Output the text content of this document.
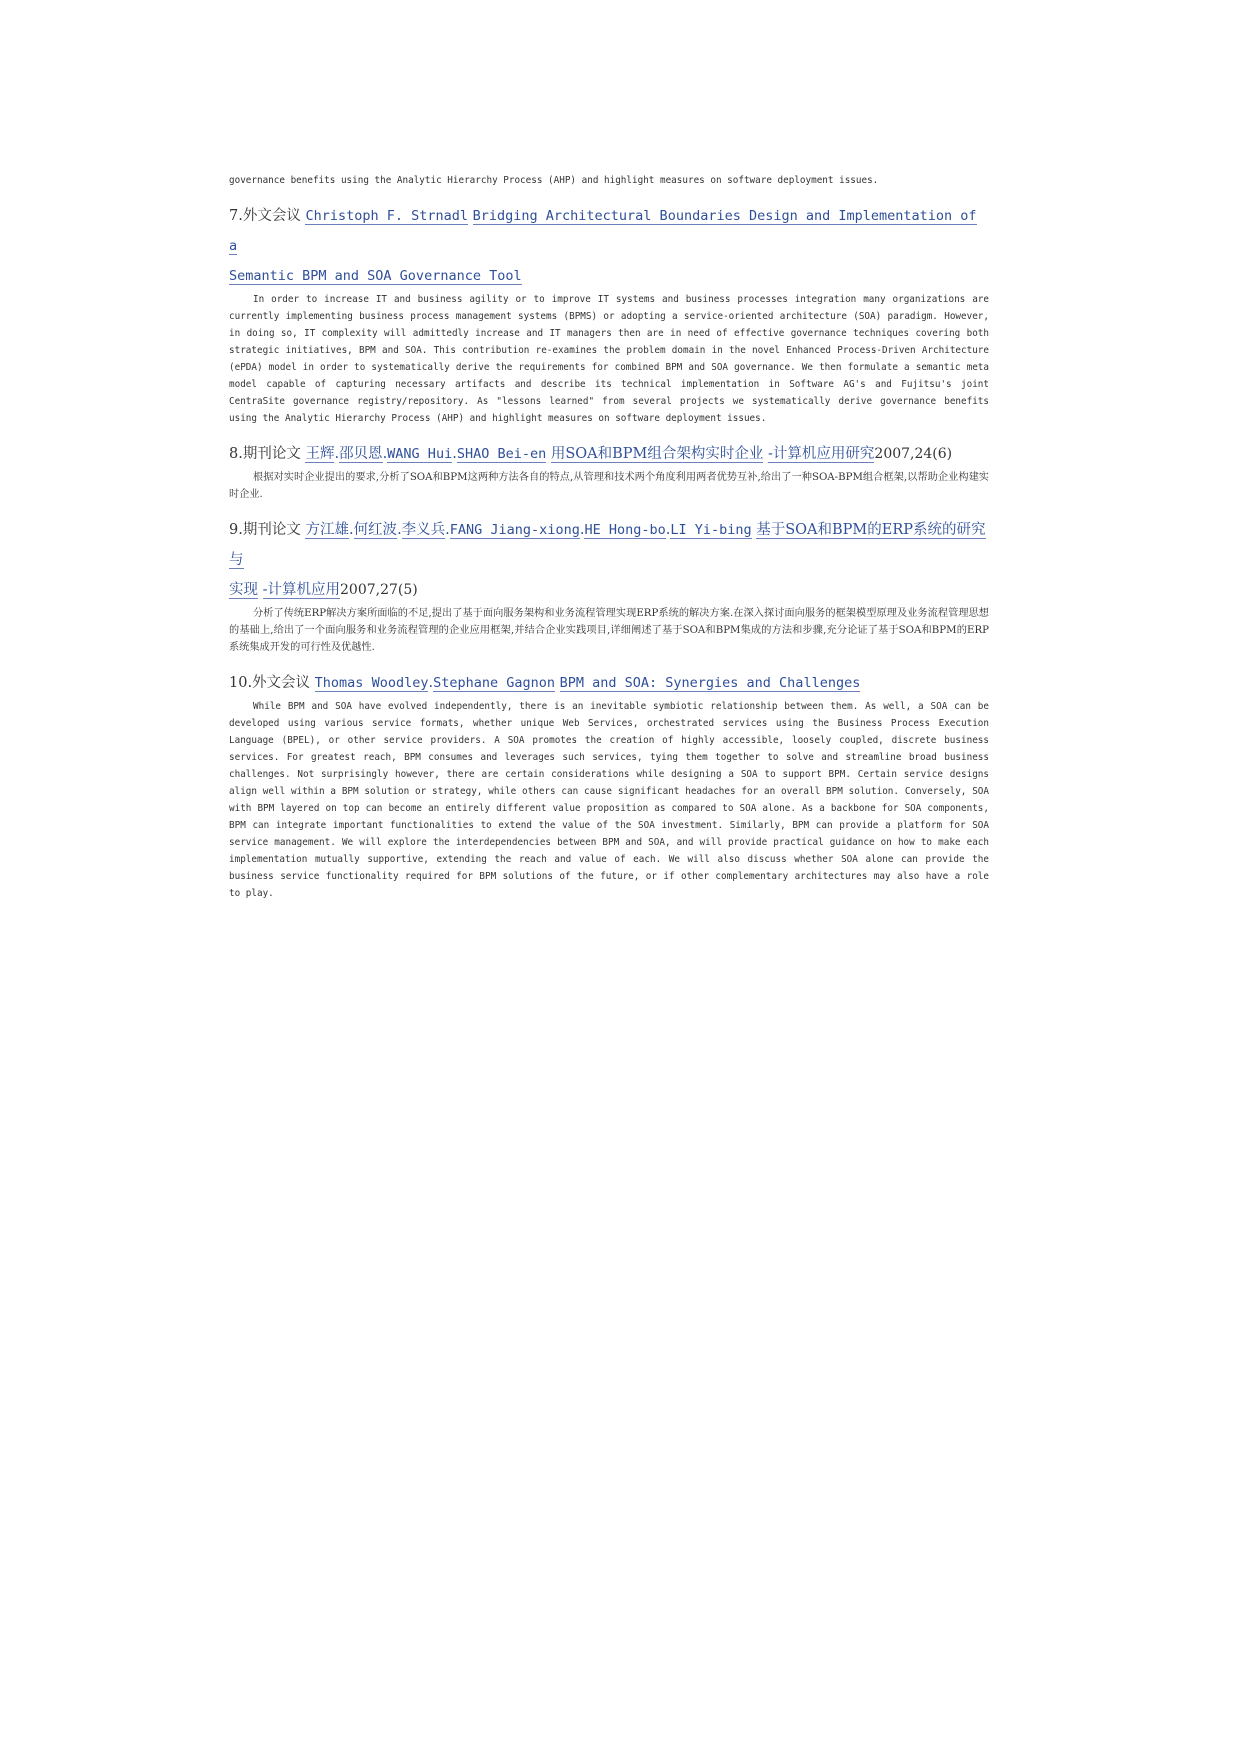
governance benefits using the Analytic Hierarchy Process (AHP) and highlight measures on software deployment issues.

7.外文会议 Christoph F. Strnadl Bridging Architectural Boundaries Design and Implementation of a

Semantic BPM and SOA Governance Tool

In order to increase IT and business agility or to improve IT systems and business processes integration many organizations are currently implementing business process management systems (BPMS) or adopting a service-oriented architecture (SOA) paradigm. However, in doing so, IT complexity will admittedly increase and IT managers then are in need of effective governance techniques covering both strategic initiatives, BPM and SOA. This contribution re-examines the problem domain in the novel Enhanced Process-Driven Architecture (ePDA) model in order to systematically derive the requirements for combined BPM and SOA governance. We then formulate a semantic meta model capable of capturing necessary artifacts and describe its technical implementation in Software AG's and Fujitsu's joint CentraSite governance registry/repository. As "lessons learned" from several projects we systematically derive governance benefits using the Analytic Hierarchy Process (AHP) and highlight measures on software deployment issues.

8.期刊论文 王辉.邵贝恩.WANG Hui.SHAO Bei-en 用SOA和BPM组合架构实时企业 -计算机应用研究2007,24(6)

根据对实时企业提出的要求,分析了SOA和BPM这两种方法各自的特点,从管理和技术两个角度利用两者优势互补,给出了一种SOA-BPM组合框架,以帮助企业构建实时企业.

9.期刊论文 方江雄.何红波.李义兵.FANG Jiang-xiong.HE Hong-bo.LI Yi-bing 基于SOA和BPM的ERP系统的研究与

实现 -计算机应用2007,27(5)

分析了传统ERP解决方案所面临的不足,提出了基于面向服务架构和业务流程管理实现ERP系统的解决方案.在深入探讨面向服务的框架模型原理及业务流程管理思想的基础上,给出了一个面向服务和业务流程管理的企业应用框架,并结合企业实践项目,详细阐述了基于SOA和BPM集成的方法和步骤,充分论证了基于SOA和BPM的ERP系统集成开发的可行性及优越性.

10.外文会议 Thomas Woodley.Stephane Gagnon BPM and SOA: Synergies and Challenges

While BPM and SOA have evolved independently, there is an inevitable symbiotic relationship between them. As well, a SOA can be developed using various service formats, whether unique Web Services, orchestrated services using the Business Process Execution Language (BPEL), or other service providers. A SOA promotes the creation of highly accessible, loosely coupled, discrete business services. For greatest reach, BPM consumes and leverages such services, tying them together to solve and streamline broad business challenges. Not surprisingly however, there are certain considerations while designing a SOA to support BPM. Certain service designs align well within a BPM solution or strategy, while others can cause significant headaches for an overall BPM solution. Conversely, SOA with BPM layered on top can become an entirely different value proposition as compared to SOA alone. As a backbone for SOA components, BPM can integrate important functionalities to extend the value of the SOA investment. Similarly, BPM can provide a platform for SOA service management. We will explore the interdependencies between BPM and SOA, and will provide practical guidance on how to make each implementation mutually supportive, extending the reach and value of each. We will also discuss whether SOA alone can provide the business service functionality required for BPM solutions of the future, or if other complementary architectures may also have a role to play.
